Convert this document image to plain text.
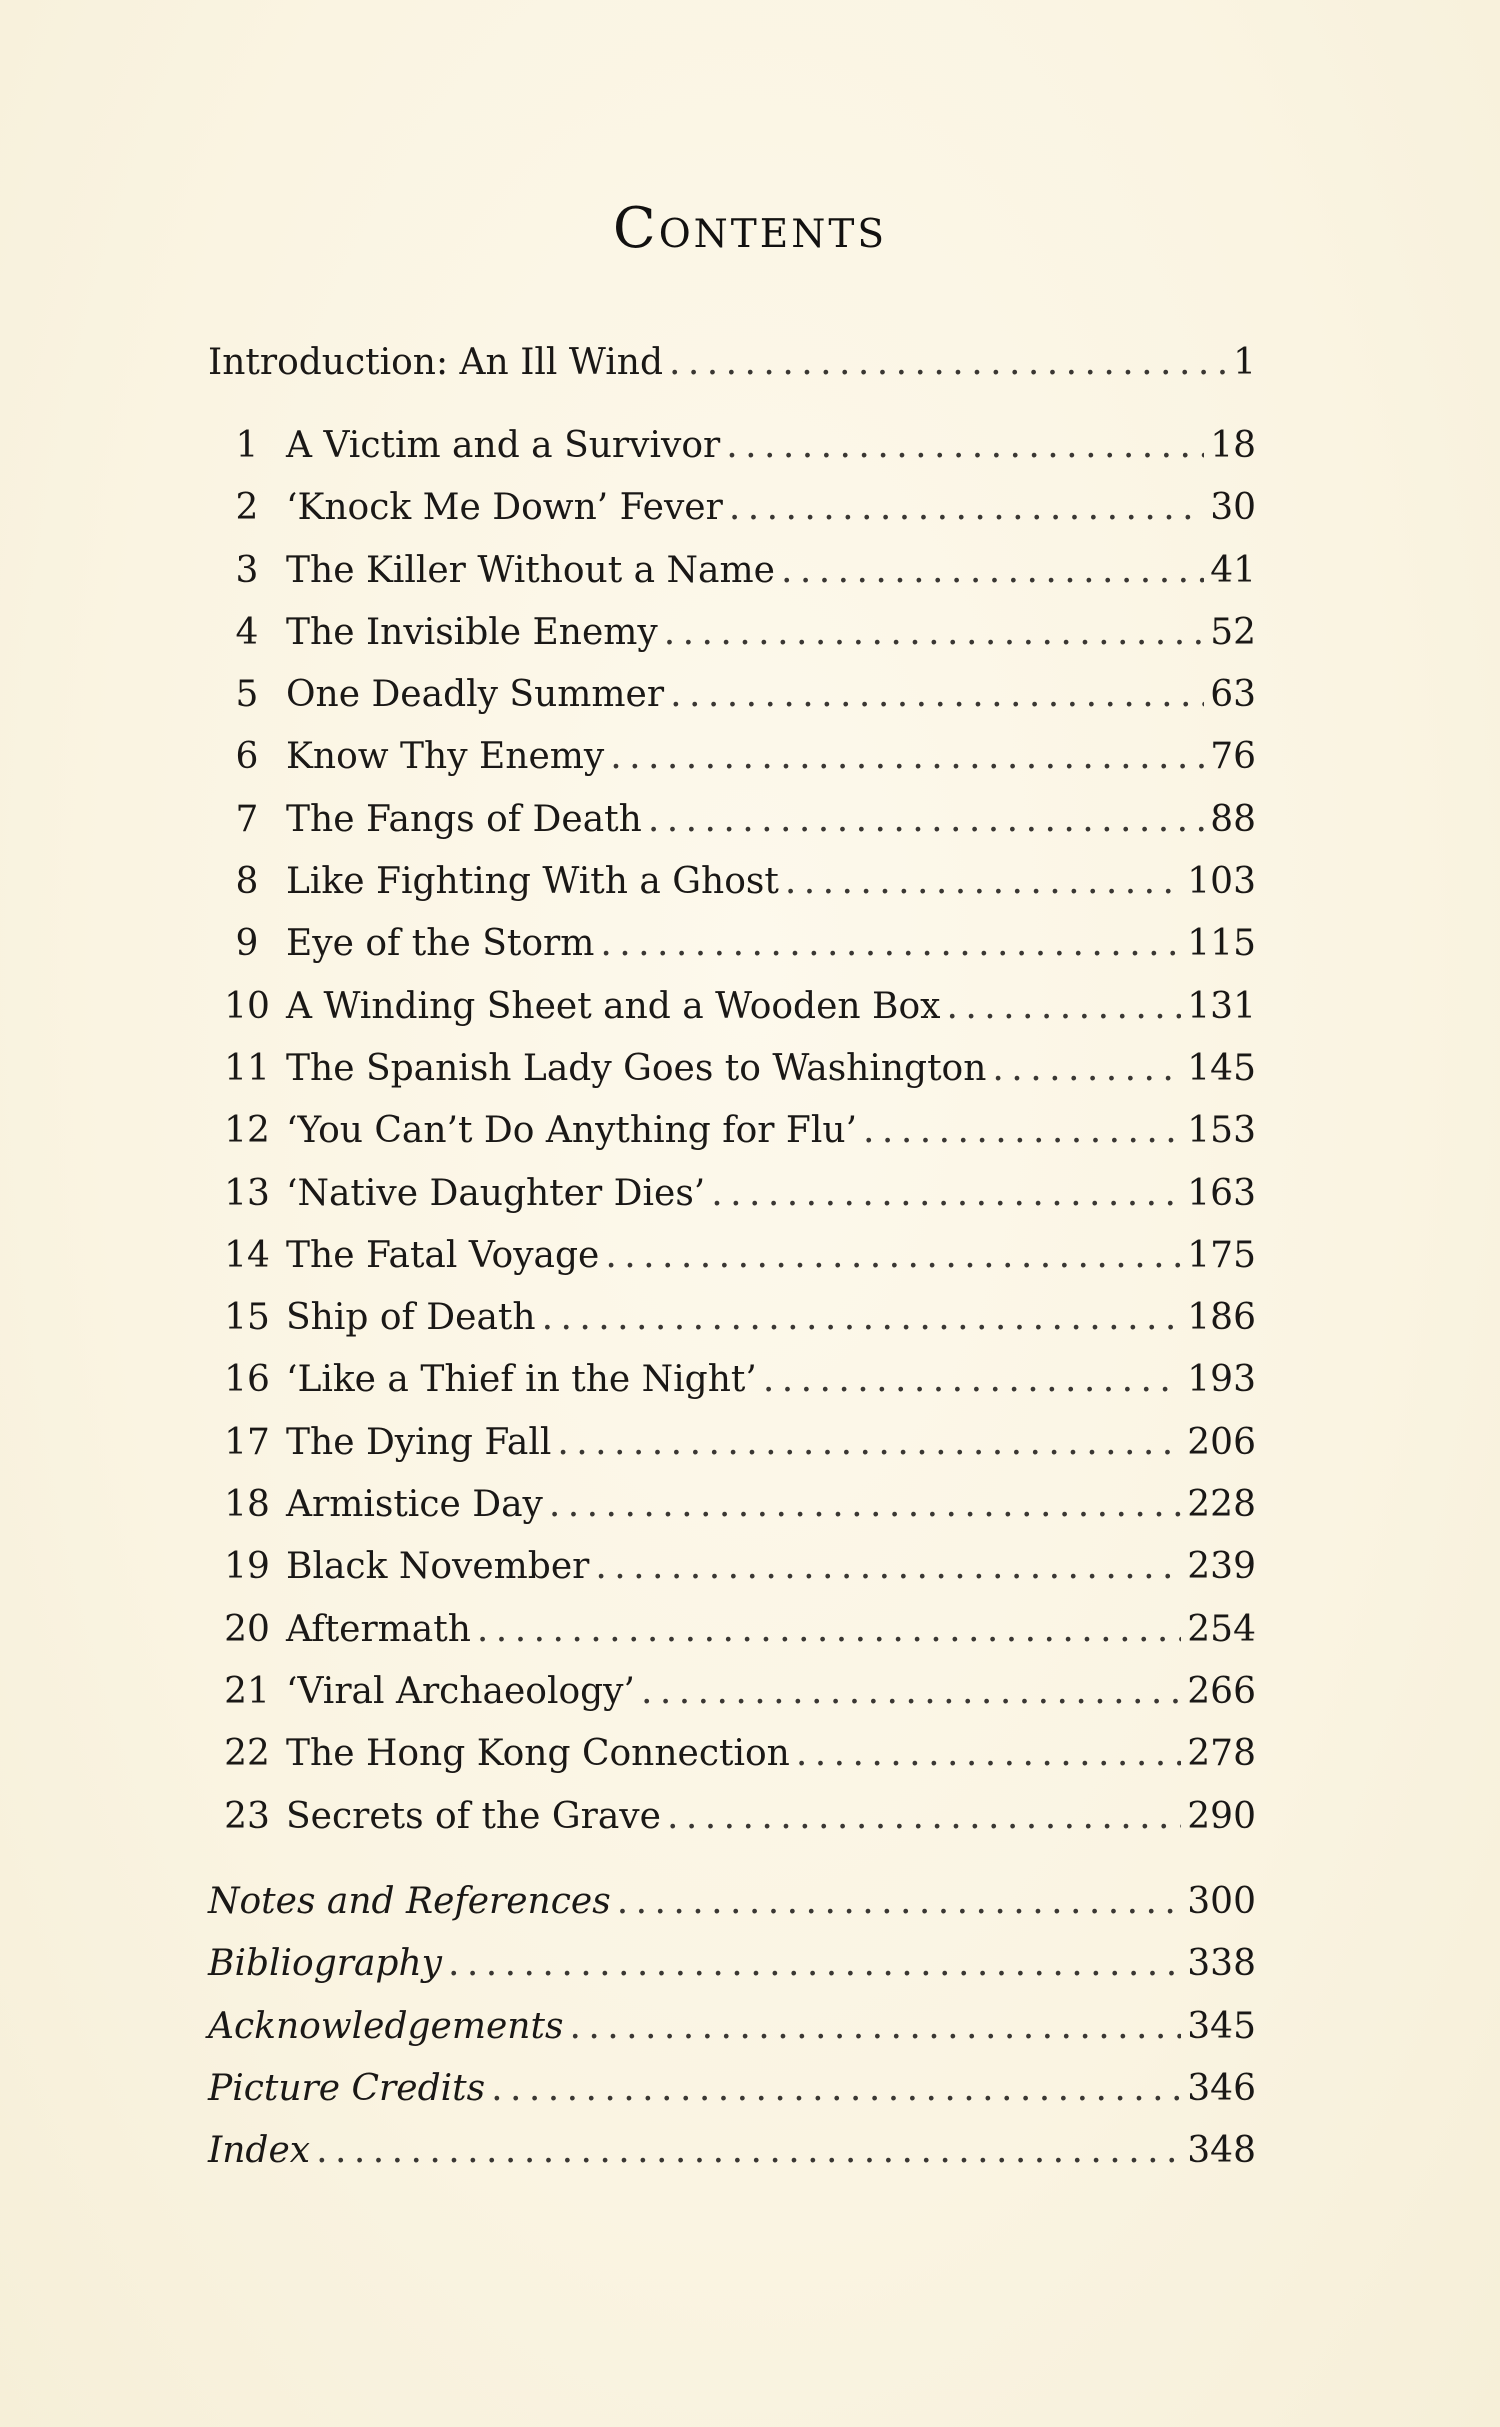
Contents
Introduction: An Ill Wind . . .	1
1 A Victim and a Survivor . . .	18
2 ‘Knock Me Down’ Fever . . .	30
3 The Killer Without a Name . . .	41
4 The Invisible Enemy . . .	52
5 One Deadly Summer . . .	63
6 Know Thy Enemy . . .	76
7 The Fangs of Death . . .	88
8 Like Fighting With a Ghost . . .	103
9 Eye of the Storm . . .	115
10 A Winding Sheet and a Wooden Box . . .	131
11 The Spanish Lady Goes to Washington . . .	145
12 ‘You Can’t Do Anything for Flu’ . . .	153
13 ‘Native Daughter Dies’ . . .	163
14 The Fatal Voyage . . .	175
15 Ship of Death . . .	186
16 ‘Like a Thief in the Night’ . . .	193
17 The Dying Fall . . .	206
18 Armistice Day . . .	228
19 Black November . . .	239
20 Aftermath . . .	254
21 ‘Viral Archaeology’ . . .	266
22 The Hong Kong Connection . . .	278
23 Secrets of the Grave . . .	290
Notes and References . . .	300
Bibliography . . .	338
Acknowledgements . . .	345
Picture Credits . . .	346
Index . . .	348
